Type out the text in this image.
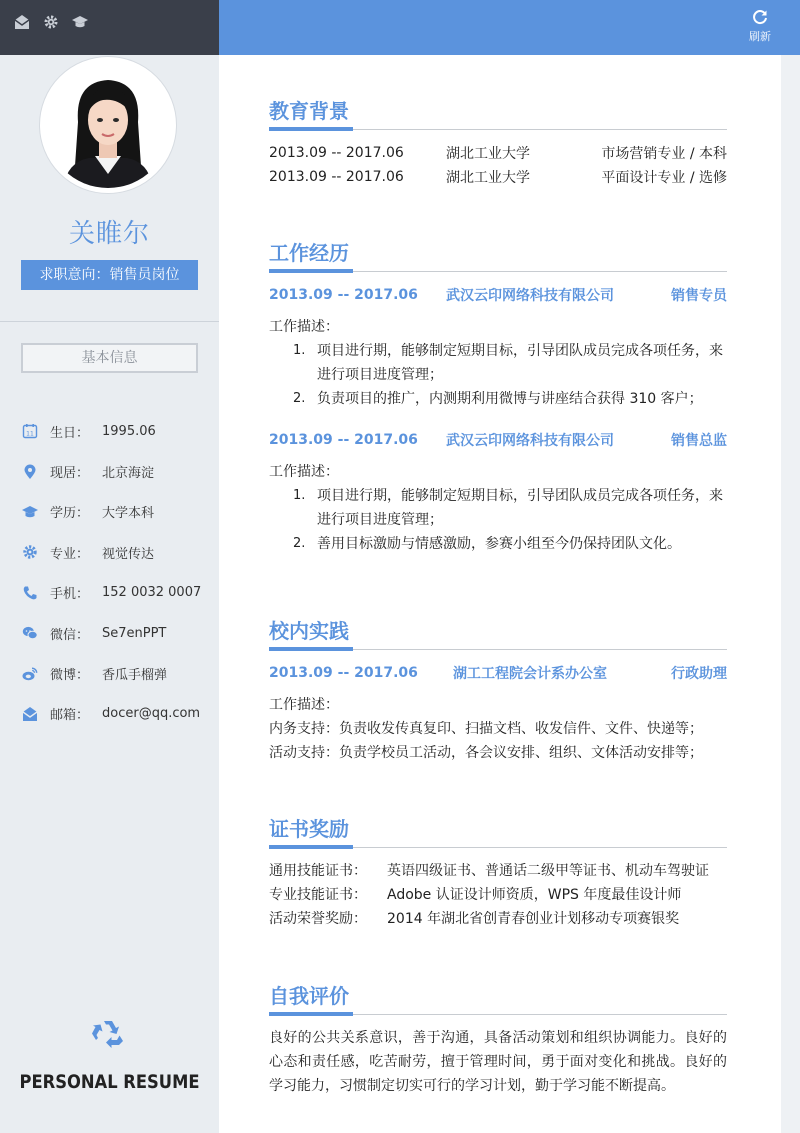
刷新
关睢尔
求职意向：销售员岗位
基本信息
11 生日： 1995.06
现居： 北京海淀
学历： 大学本科
专业： 视觉传达
手机： 152 0032 0007
微信： Se7enPPT
微博： 香瓜手榴弹
邮箱： docer@qq.com
PERSONAL RESUME
教育背景
2013.09 -- 2017.06	湖北工业大学	市场营销专业 / 本科
2013.09 -- 2017.06	湖北工业大学	平面设计专业 / 选修
工作经历
2013.09 -- 2017.06	武汉云印网络科技有限公司	销售专员
工作描述：
1. 项目进行期，能够制定短期目标，引导团队成员完成各项任务，来进行项目进度管理；
2. 负责项目的推广，内测期利用微博与讲座结合获得 310 客户；
2013.09 -- 2017.06	武汉云印网络科技有限公司	销售总监
工作描述：
1. 项目进行期，能够制定短期目标，引导团队成员完成各项任务，来进行项目进度管理；
2. 善用目标激励与情感激励，参赛小组至今仍保持团队文化。
校内实践
2013.09 -- 2017.06	湖工工程院会计系办公室	行政助理
工作描述：
内务支持：负责收发传真复印、扫描文档、收发信件、文件、快递等；
活动支持：负责学校员工活动，各会议安排、组织、文体活动安排等；
证书奖励
通用技能证书：	英语四级证书、普通话二级甲等证书、机动车驾驶证
专业技能证书：	Adobe 认证设计师资质，WPS 年度最佳设计师
活动荣誉奖励：	2014 年湖北省创青春创业计划移动专项赛银奖
自我评价
良好的公共关系意识，善于沟通，具备活动策划和组织协调能力。良好的心态和责任感，吃苦耐劳，擅于管理时间，勇于面对变化和挑战。良好的学习能力，习惯制定切实可行的学习计划，勤于学习能不断提高。
